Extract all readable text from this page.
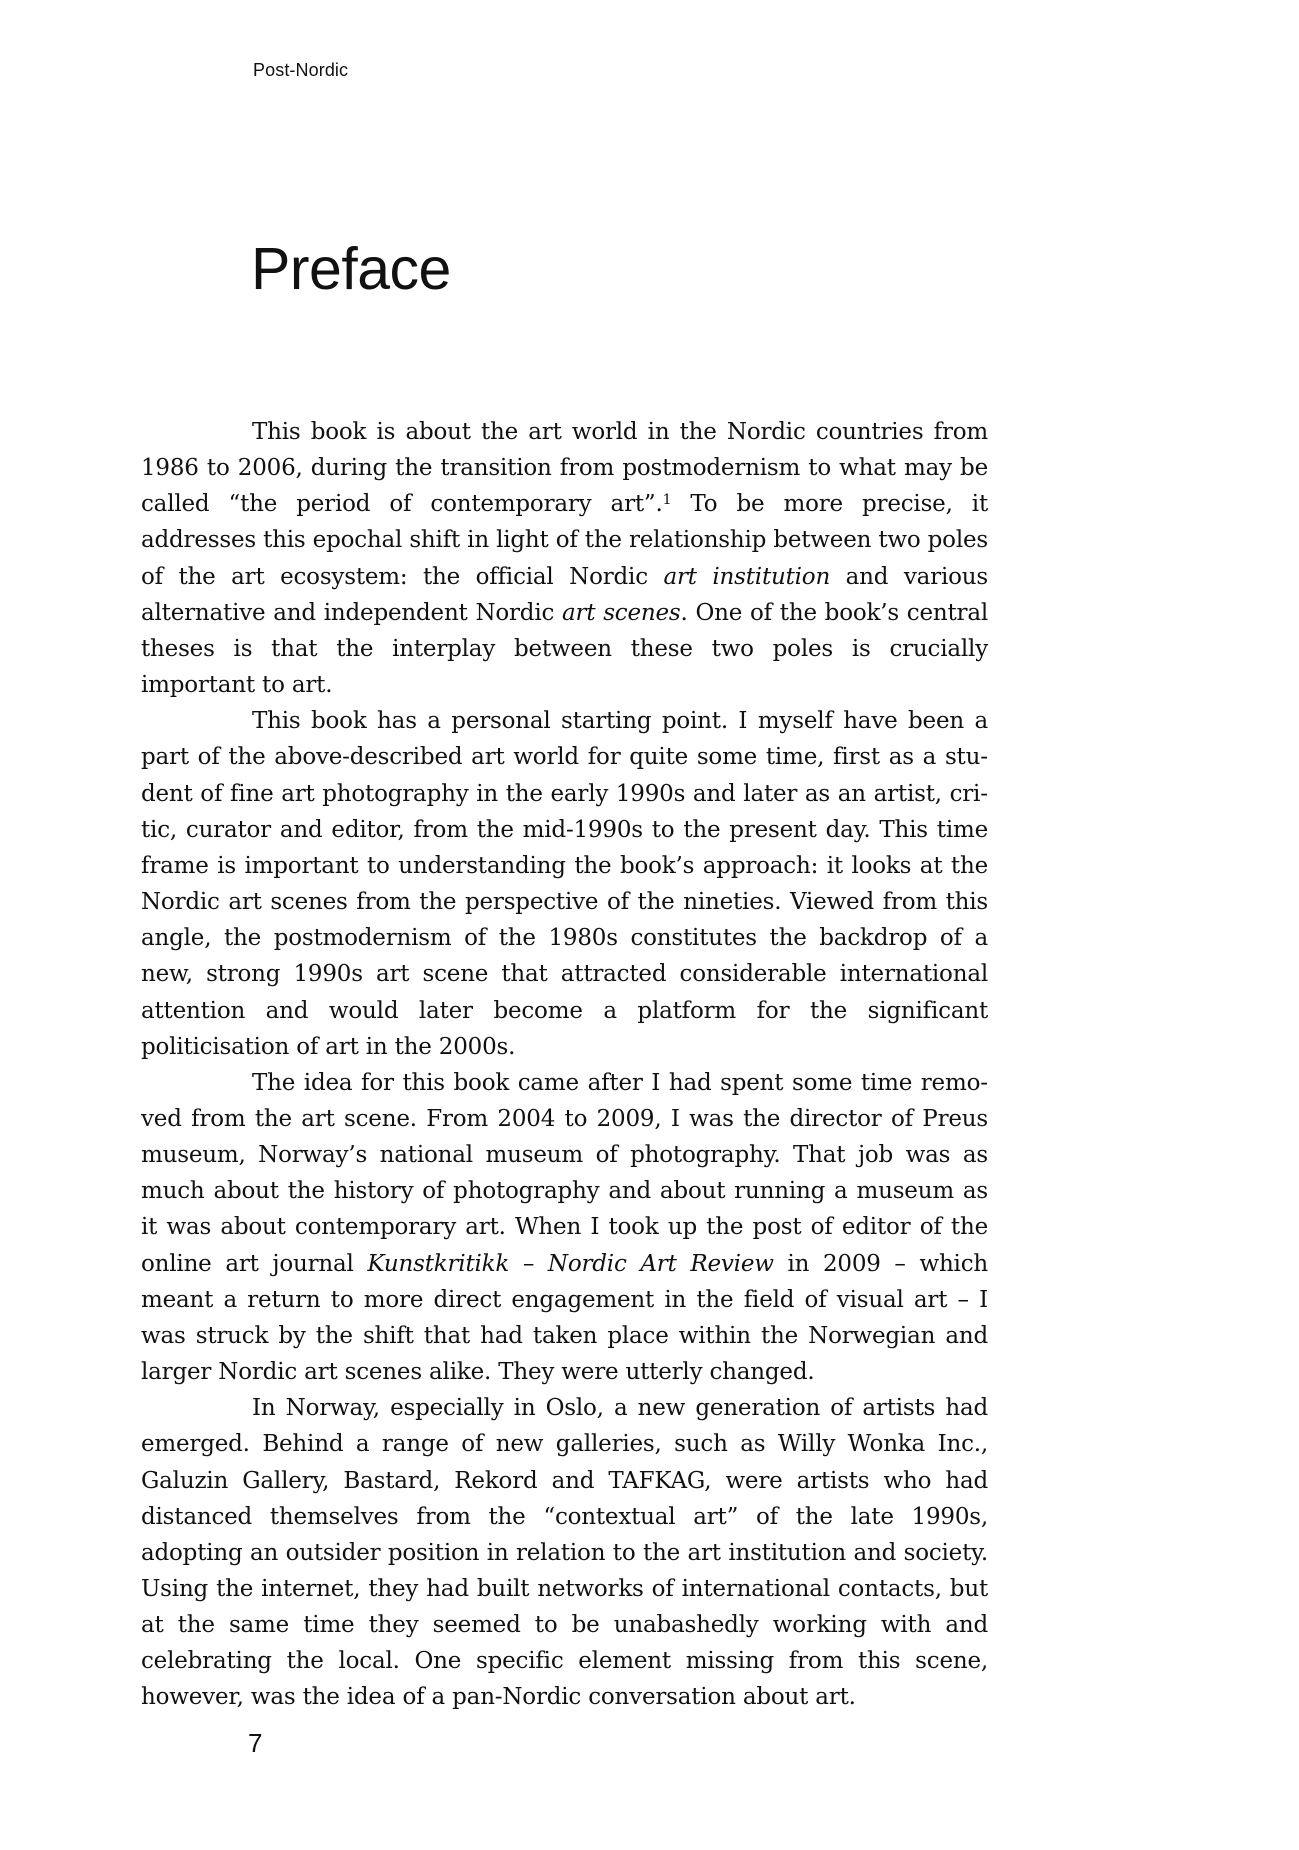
Post-Nordic
Preface

This book is about the art world in the Nordic countries from 1986 to 2006, during the transition from postmodernism to what may be called “the period of contemporary art”.$^1$ To be more precise, it addresses this epochal shift in light of the relationship between two poles of the art ecosystem: the official Nordic art institution and various alternative and independent Nordic art scenes. One of the book’s central theses is that the interplay between these two poles is crucially important to art.

This book has a personal starting point. I myself have been a part of the above-described art world for quite some time, first as a student of fine art photography in the early 1990s and later as an artist, critic, curator and editor, from the mid-1990s to the present day. This time frame is important to understanding the book’s approach: it looks at the Nordic art scenes from the perspective of the nineties. Viewed from this angle, the postmodernism of the 1980s constitutes the backdrop of a new, strong 1990s art scene that attracted considerable international attention and would later become a platform for the significant politicisation of art in the 2000s.

The idea for this book came after I had spent some time removed from the art scene. From 2004 to 2009, I was the director of Preus museum, Norway’s national museum of photography. That job was as much about the history of photography and about running a museum as it was about contemporary art. When I took up the post of editor of the online art journal Kunstkritikk – Nordic Art Review in 2009 – which meant a return to more direct engagement in the field of visual art – I was struck by the shift that had taken place within the Norwegian and larger Nordic art scenes alike. They were utterly changed.

In Norway, especially in Oslo, a new generation of artists had emerged. Behind a range of new galleries, such as Willy Wonka Inc., Galuzin Gallery, Bastard, Rekord and TAFKAG, were artists who had distanced themselves from the “contextual art” of the late 1990s, adopting an outsider position in relation to the art institution and society. Using the internet, they had built networks of international contacts, but at the same time they seemed to be unabashedly working with and celebrating the local. One specific element missing from this scene, however, was the idea of a pan-Nordic conversation about art.

7
